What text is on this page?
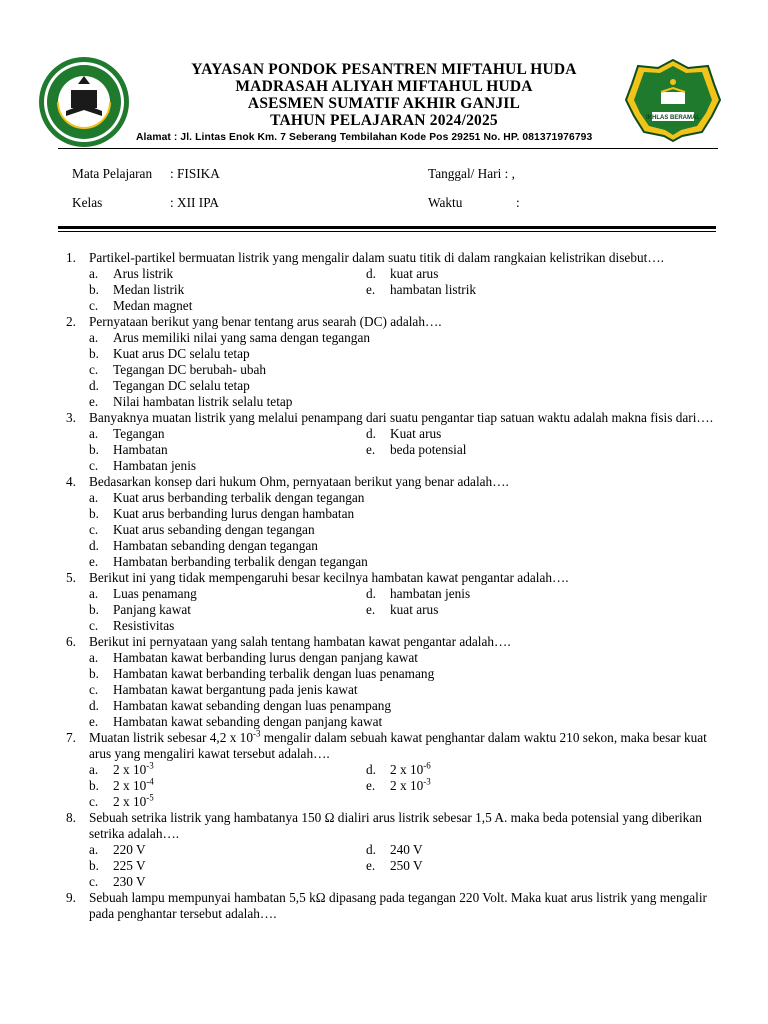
MADRASAH ALIYAH
YAYASAN PONDOK PESANTREN MIFTAHUL HUDA
MADRASAH ALIYAH MIFTAHUL HUDA
ASESMEN SUMATIF AKHIR GANJIL
TAHUN PELAJARAN 2024/2025	IKHLAS BERAMAL
Alamat : Jl. Lintas Enok Km. 7 Seberang Tembilahan Kode Pos 29251 No. HP. 081371976793
Mata Pelajaran : FISIKA	Tanggal/ Hari : ,
Kelas	: XII IPA	Waktu	:
1. Partikel-partikel bermuatan listrik yang mengalir dalam suatu titik di dalam rangkaian kelistrikan disebut….
a. Arus listrik	d. kuat arus
b. Medan listrik	e. hambatan listrik
c. Medan magnet
2. Pernyataan berikut yang benar tentang arus searah (DC) adalah….
a. Arus memiliki nilai yang sama dengan tegangan
b. Kuat arus DC selalu tetap
c. Tegangan DC berubah- ubah
d. Tegangan DC selalu tetap
e. Nilai hambatan listrik selalu tetap
3. Banyaknya muatan listrik yang melalui penampang dari suatu pengantar tiap satuan waktu adalah makna fisis dari….
a. Tegangan	d. Kuat arus
b. Hambatan	e. beda potensial
c. Hambatan jenis
4. Bedasarkan konsep dari hukum Ohm, pernyataan berikut yang benar adalah….
a. Kuat arus berbanding terbalik dengan tegangan
b. Kuat arus berbanding lurus dengan hambatan
c. Kuat arus sebanding dengan tegangan
d. Hambatan sebanding dengan tegangan
e. Hambatan berbanding terbalik dengan tegangan
5. Berikut ini yang tidak mempengaruhi besar kecilnya hambatan kawat pengantar adalah….
a. Luas penamang	d. hambatan jenis
b. Panjang kawat	e. kuat arus
c. Resistivitas
6. Berikut ini pernyataan yang salah tentang hambatan kawat pengantar adalah….
a. Hambatan kawat berbanding lurus dengan panjang kawat
b. Hambatan kawat berbanding terbalik dengan luas penamang
c. Hambatan kawat bergantung pada jenis kawat
d. Hambatan kawat sebanding dengan luas penampang
e. Hambatan kawat sebanding dengan panjang kawat
7. Muatan listrik sebesar 4,2 x $10^{-3}$ mengalir dalam sebuah kawat penghantar dalam waktu 210 sekon, maka besar kuat arus yang mengaliri kawat tersebut adalah….
a. 2 x $10^{-3}$	d. 2 x $10^{-6}$
b. 2 x $10^{-4}$	e. 2 x $10^{-3}$
c. 2 x $10^{-5}$
8. Sebuah setrika listrik yang hambatanya 150 Ω dialiri arus listrik sebesar 1,5 A. maka beda potensial yang diberikan setrika adalah….
a. 220 V	d. 240 V
b. 225 V	e. 250 V
c. 230 V
9. Sebuah lampu mempunyai hambatan 5,5 kΩ dipasang pada tegangan 220 Volt. Maka kuat arus listrik yang mengalir pada penghantar tersebut adalah….
